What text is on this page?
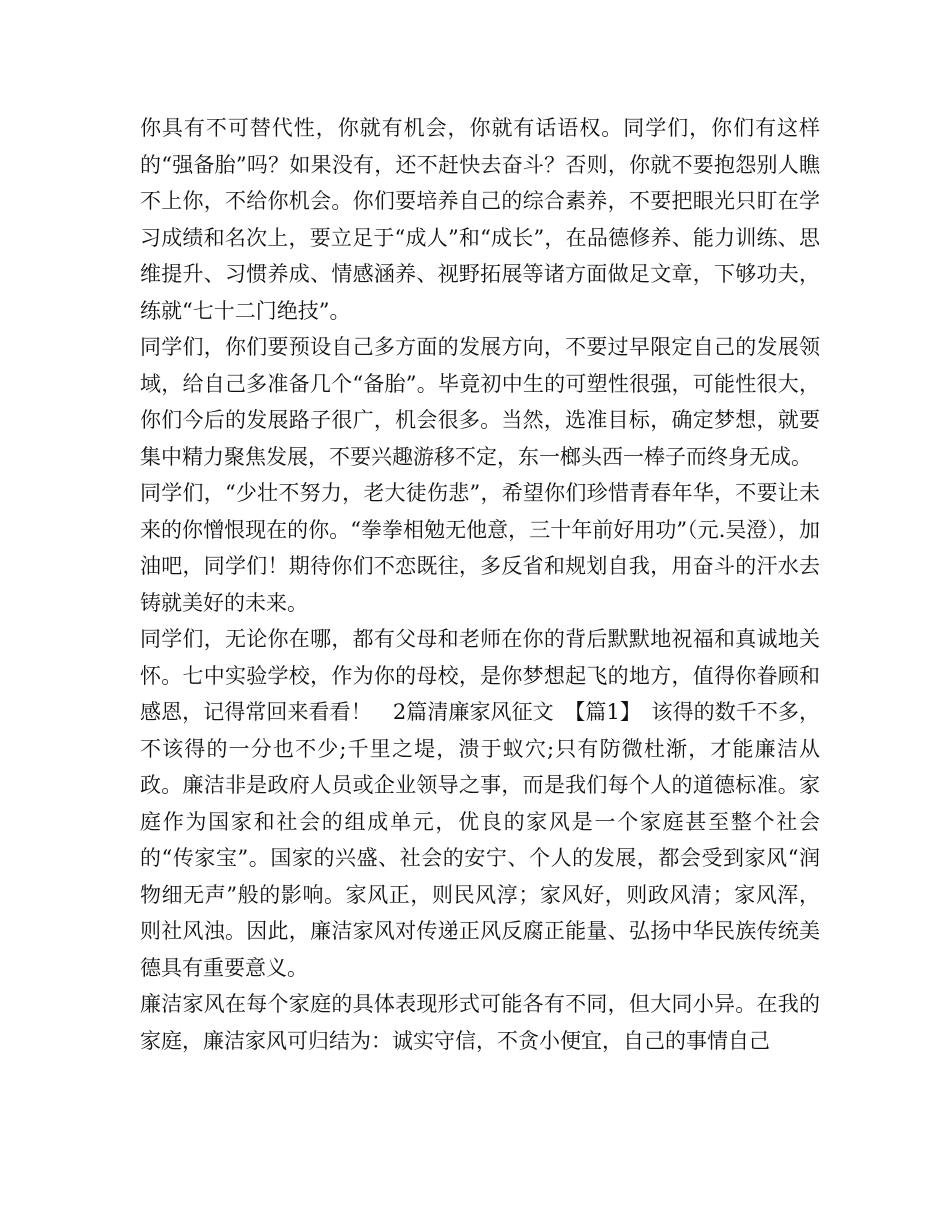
你具有不可替代性，你就有机会，你就有话语权。同学们，你们有这样的“强备胎”吗？如果没有，还不赶快去奋斗？否则，你就不要抱怨别人瞧不上你，不给你机会。你们要培养自己的综合素养，不要把眼光只盯在学习成绩和名次上，要立足于“成人”和“成长”，在品德修养、能力训练、思维提升、习惯养成、情感涵养、视野拓展等诸方面做足文章，下够功夫，练就“七十二门绝技”。

同学们，你们要预设自己多方面的发展方向，不要过早限定自己的发展领域，给自己多准备几个“备胎”。毕竟初中生的可塑性很强，可能性很大，你们今后的发展路子很广，机会很多。当然，选准目标，确定梦想，就要集中精力聚焦发展，不要兴趣游移不定，东一榔头西一棒子而终身无成。

同学们，“少壮不努力，老大徒伤悲”，希望你们珍惜青春年华，不要让未来的你憎恨现在的你。“拳拳相勉无他意，三十年前好用功”（元.吴澄），加油吧，同学们！期待你们不恋既往，多反省和规划自我，用奋斗的汗水去铸就美好的未来。

同学们，无论你在哪，都有父母和老师在你的背后默默地祝福和真诚地关怀。七中实验学校，作为你的母校，是你梦想起飞的地方，值得你眷顾和感恩，记得常回来看看！　2篇清廉家风征文　【篇1】　该得的数千不多，不该得的一分也不少;千里之堤，溃于蚁穴;只有防微杜渐，才能廉洁从政。廉洁非是政府人员或企业领导之事，而是我们每个人的道德标准。家庭作为国家和社会的组成单元，优良的家风是一个家庭甚至整个社会的“传家宝”。国家的兴盛、社会的安宁、个人的发展，都会受到家风“润物细无声”般的影响。家风正，则民风淳；家风好，则政风清；家风浑，则社风浊。因此，廉洁家风对传递正风反腐正能量、弘扬中华民族传统美德具有重要意义。

廉洁家风在每个家庭的具体表现形式可能各有不同，但大同小异。在我的家庭，廉洁家风可归结为：诚实守信，不贪小便宜，自己的事情自己
